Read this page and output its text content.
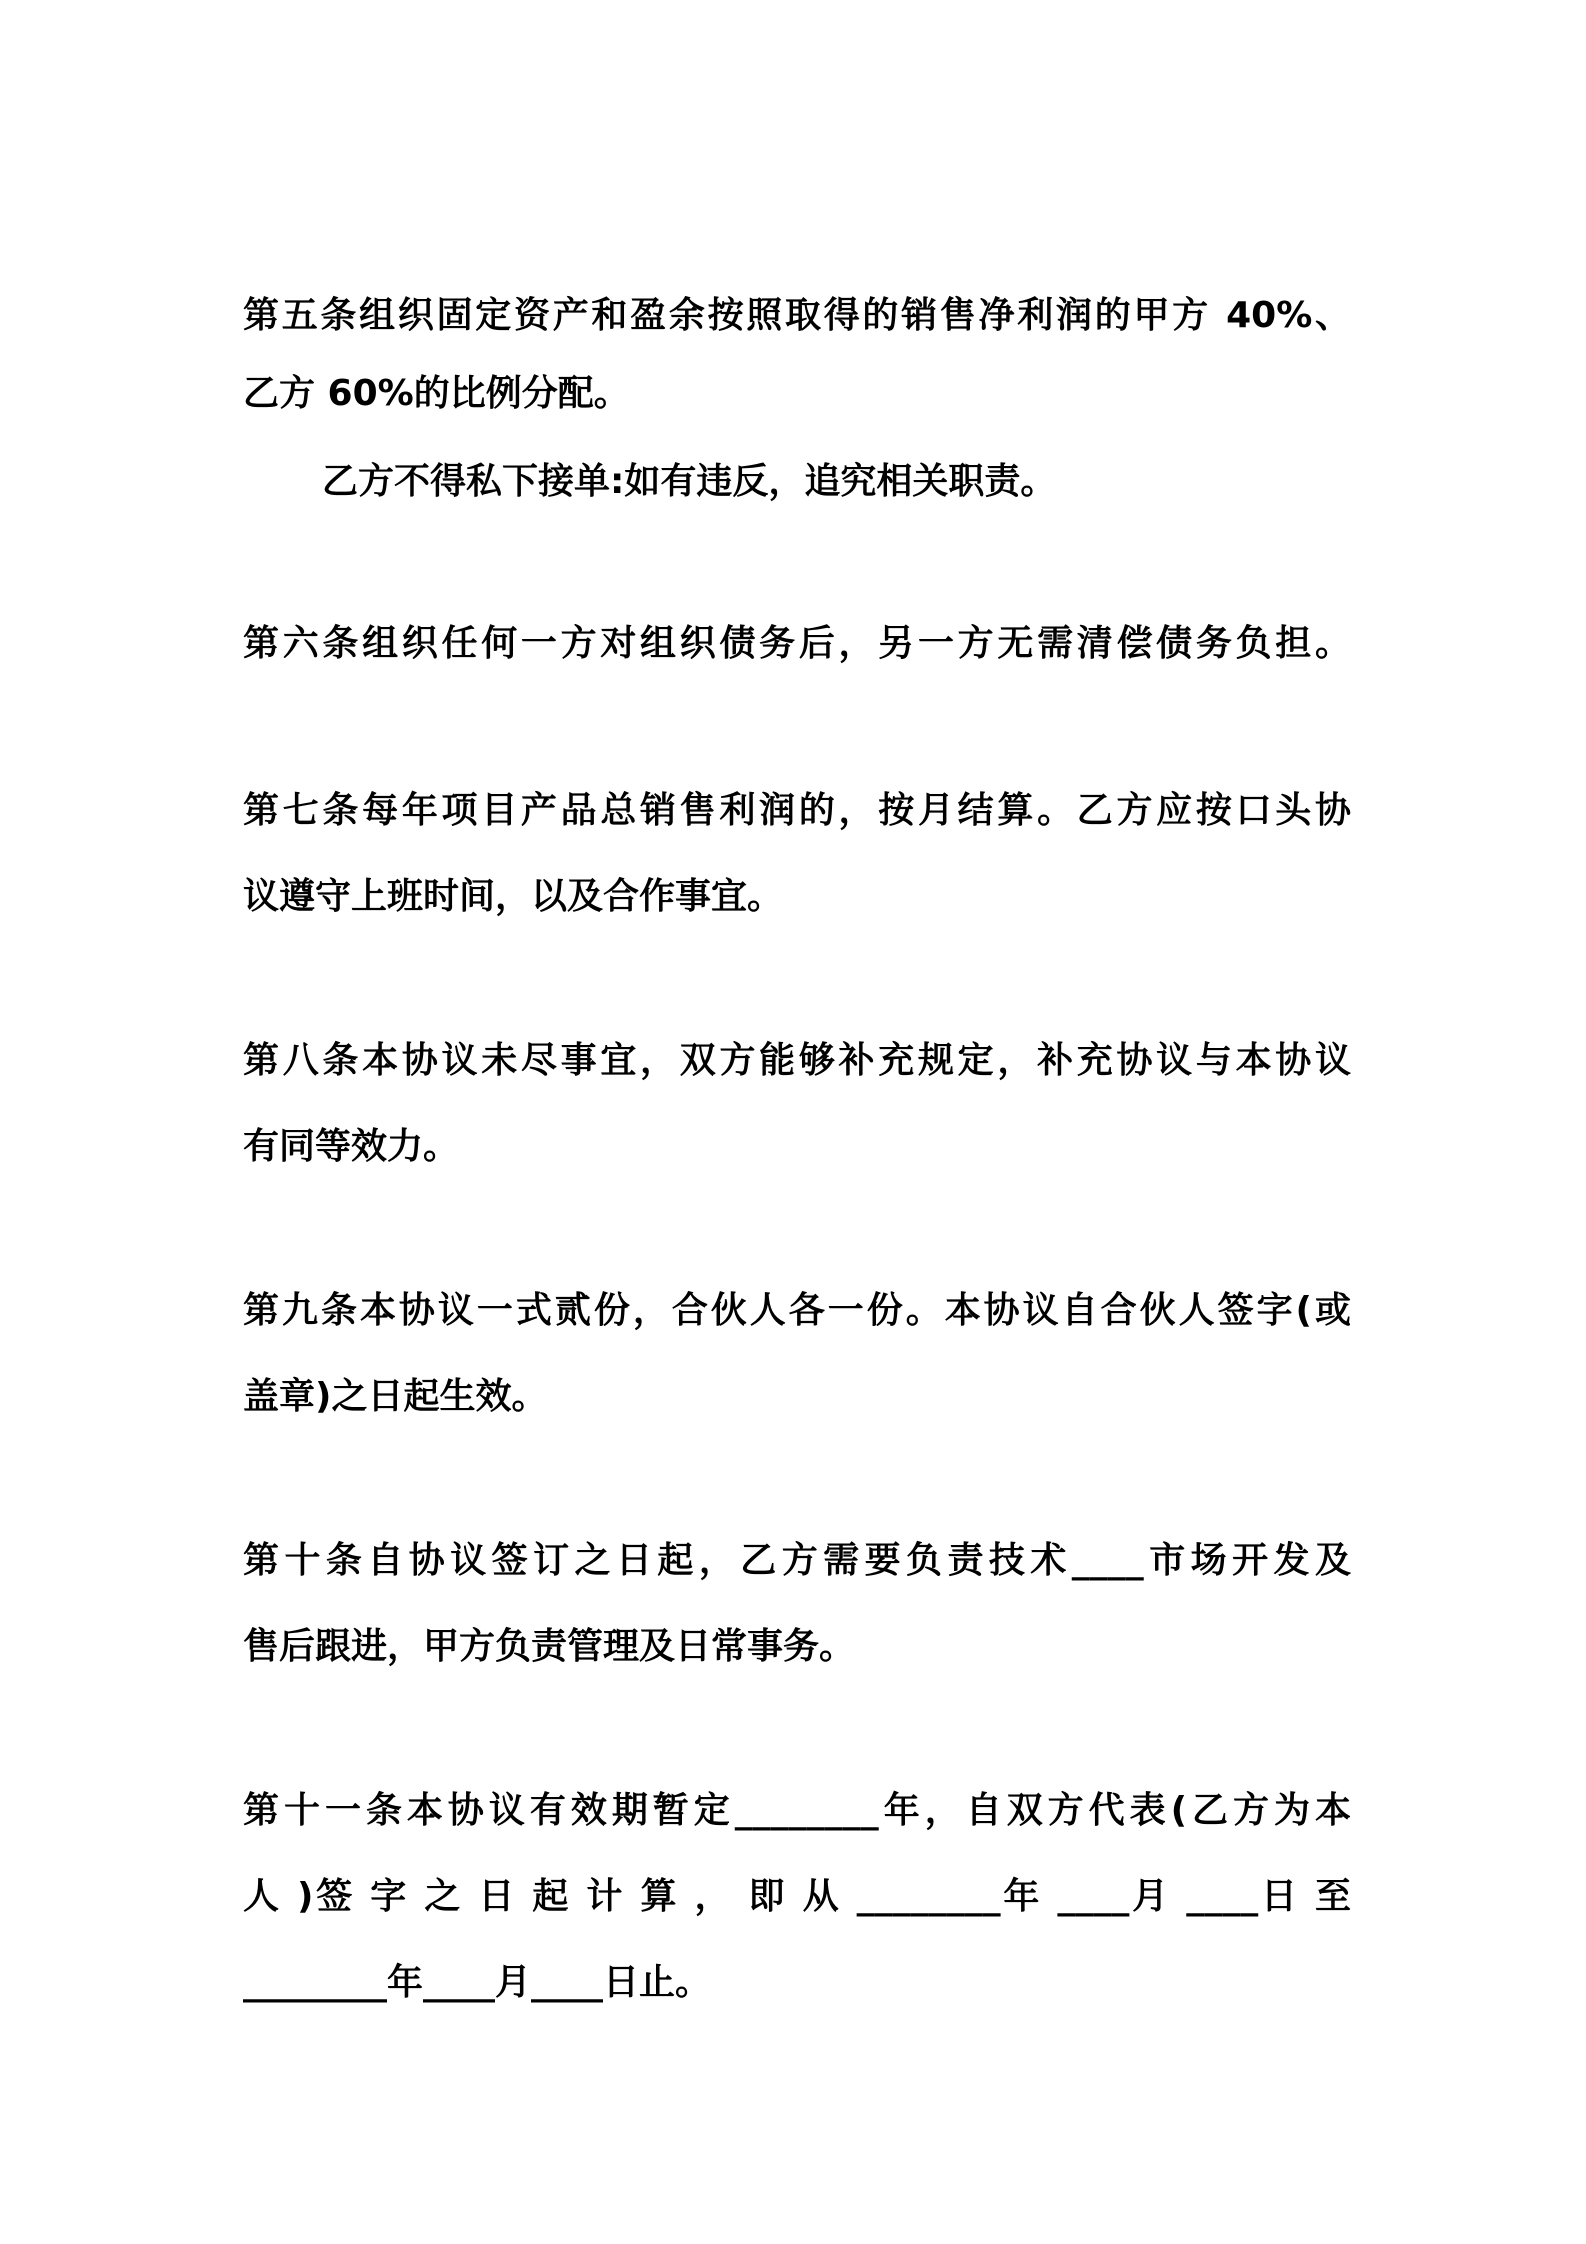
第五条组织固定资产和盈余按照取得的销售净利润的甲方 40%、
乙方 60%的比例分配。
乙方不得私下接单:如有违反，追究相关职责。
第六条组织任何一方对组织债务后，另一方无需清偿债务负担。
第七条每年项目产品总销售利润的，按月结算。乙方应按口头协
议遵守上班时间，以及合作事宜。
第八条本协议未尽事宜，双方能够补充规定，补充协议与本协议
有同等效力。
第九条本协议一式贰份，合伙人各一份。本协议自合伙人签字(或
盖章)之日起生效。
第十条自协议签订之日起，乙方需要负责技术____市场开发及
售后跟进，甲方负责管理及日常事务。
第十一条本协议有效期暂定________年，自双方代表(乙方为本
人 )签 字 之 日 起 计 算 ， 即 从 ________年 ____月 ____日 至
________年____月____日止。
